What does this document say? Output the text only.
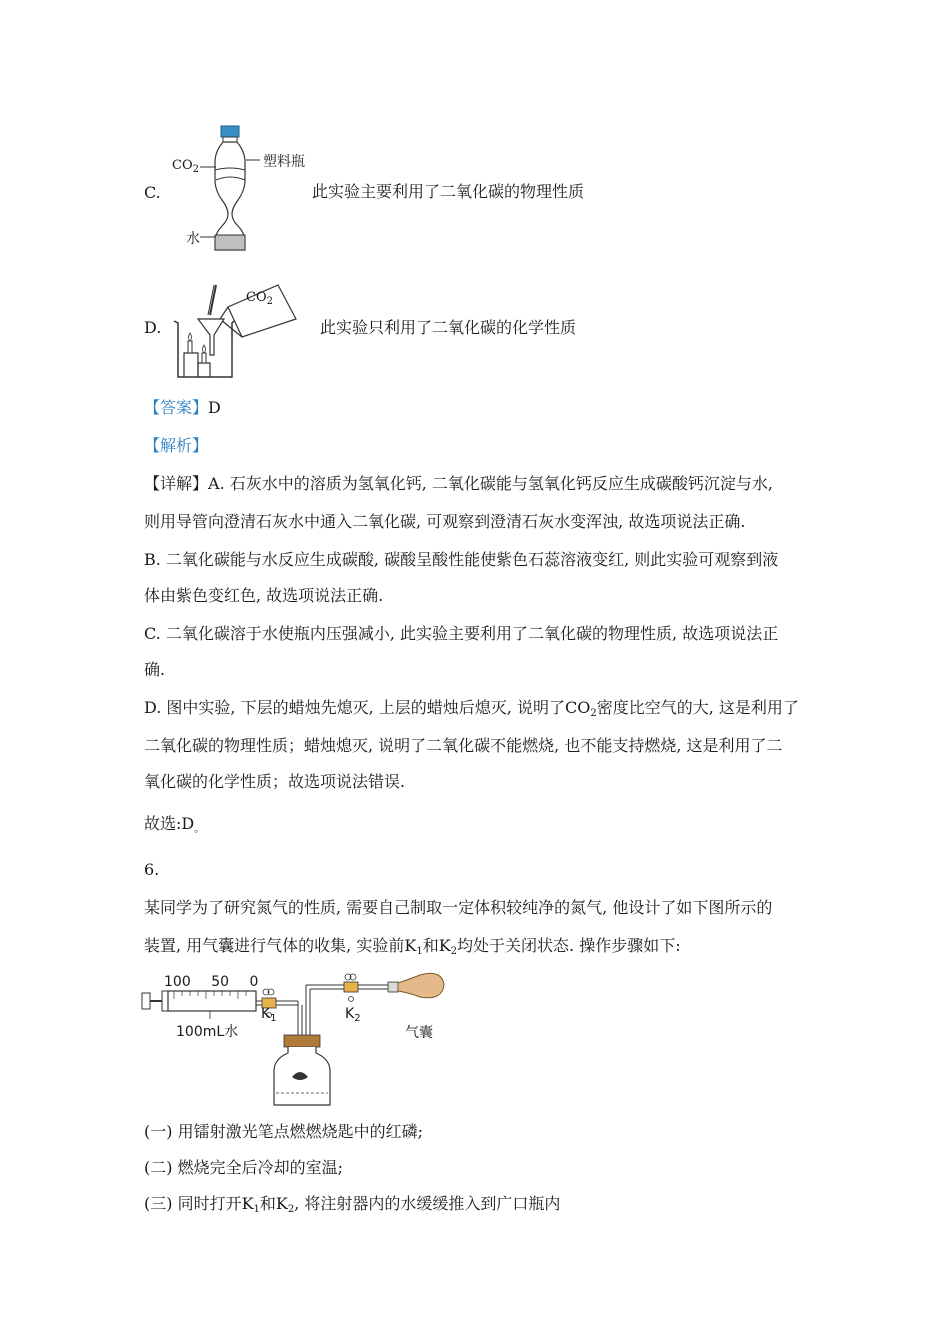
C.
$CO_2$	塑料瓶
水
此实验主要利用了二氧化碳的物理性质
D.
$CO_2$
此实验只利用了二氧化碳的化学性质
【答案】D
【解析】
【详解】A. 石灰水中的溶质为氢氧化钙, 二氧化碳能与氢氧化钙反应生成碳酸钙沉淀与水,
则用导管向澄清石灰水中通入二氧化碳, 可观察到澄清石灰水变浑浊, 故选项说法正确.
B. 二氧化碳能与水反应生成碳酸, 碳酸呈酸性能使紫色石蕊溶液变红, 则此实验可观察到液
体由紫色变红色, 故选项说法正确.
C. 二氧化碳溶于水使瓶内压强减小, 此实验主要利用了二氧化碳的物理性质, 故选项说法正
确.
D. 图中实验, 下层的蜡烛先熄灭, 上层的蜡烛后熄灭, 说明了$CO_2$密度比空气的大, 这是利用了
二氧化碳的物理性质；蜡烛熄灭, 说明了二氧化碳不能燃烧, 也不能支持燃烧, 这是利用了二
氧化碳的化学性质；故选项说法错误.
故选$:D_。$
6.
某同学为了研究氮气的性质, 需要自己制取一定体积较纯净的氮气, 他设计了如下图所示的
装置, 用气囊进行气体的收集, 实验前$K_1$和$K_2$均处于关闭状态. 操作步骤如下:
100 50 0
100mL水
$K_1$	$K_2$
气囊
(一) 用镭射激光笔点燃燃烧匙中的红磷;
(二) 燃烧完全后冷却的室温;
(三) 同时打开$K_1$和$K_2$, 将注射器内的水缓缓推入到广口瓶内
